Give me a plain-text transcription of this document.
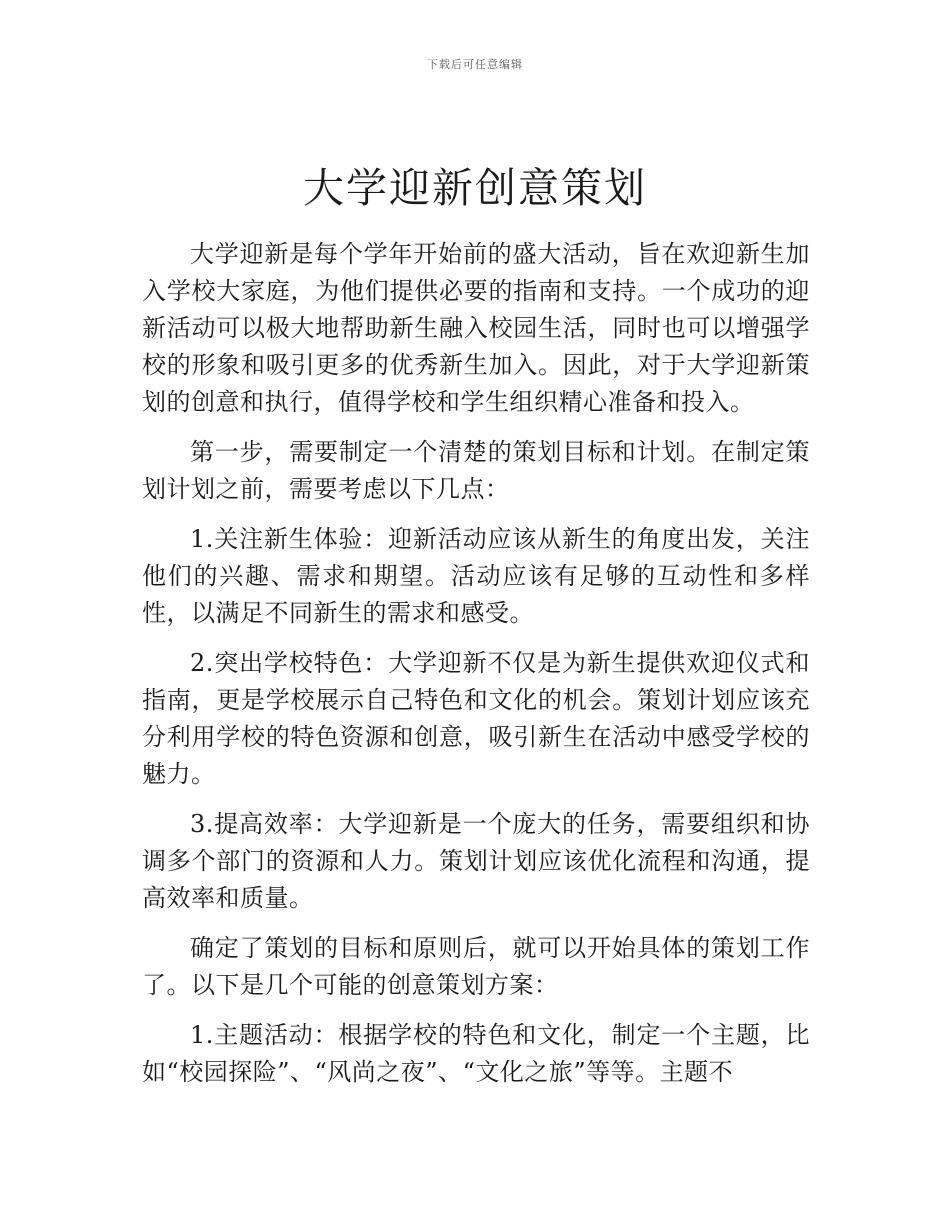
下载后可任意编辑
大学迎新创意策划

大学迎新是每个学年开始前的盛大活动，旨在欢迎新生加入学校大家庭，为他们提供必要的指南和支持。一个成功的迎新活动可以极大地帮助新生融入校园生活，同时也可以增强学校的形象和吸引更多的优秀新生加入。因此，对于大学迎新策划的创意和执行，值得学校和学生组织精心准备和投入。

第一步，需要制定一个清楚的策划目标和计划。在制定策划计划之前，需要考虑以下几点：

1.关注新生体验：迎新活动应该从新生的角度出发，关注他们的兴趣、需求和期望。活动应该有足够的互动性和多样性，以满足不同新生的需求和感受。

2.突出学校特色：大学迎新不仅是为新生提供欢迎仪式和指南，更是学校展示自己特色和文化的机会。策划计划应该充分利用学校的特色资源和创意，吸引新生在活动中感受学校的魅力。

3.提高效率：大学迎新是一个庞大的任务，需要组织和协调多个部门的资源和人力。策划计划应该优化流程和沟通，提高效率和质量。

确定了策划的目标和原则后，就可以开始具体的策划工作了。以下是几个可能的创意策划方案：

1.主题活动：根据学校的特色和文化，制定一个主题，比如“校园探险”、“风尚之夜”、“文化之旅”等等。主题不
